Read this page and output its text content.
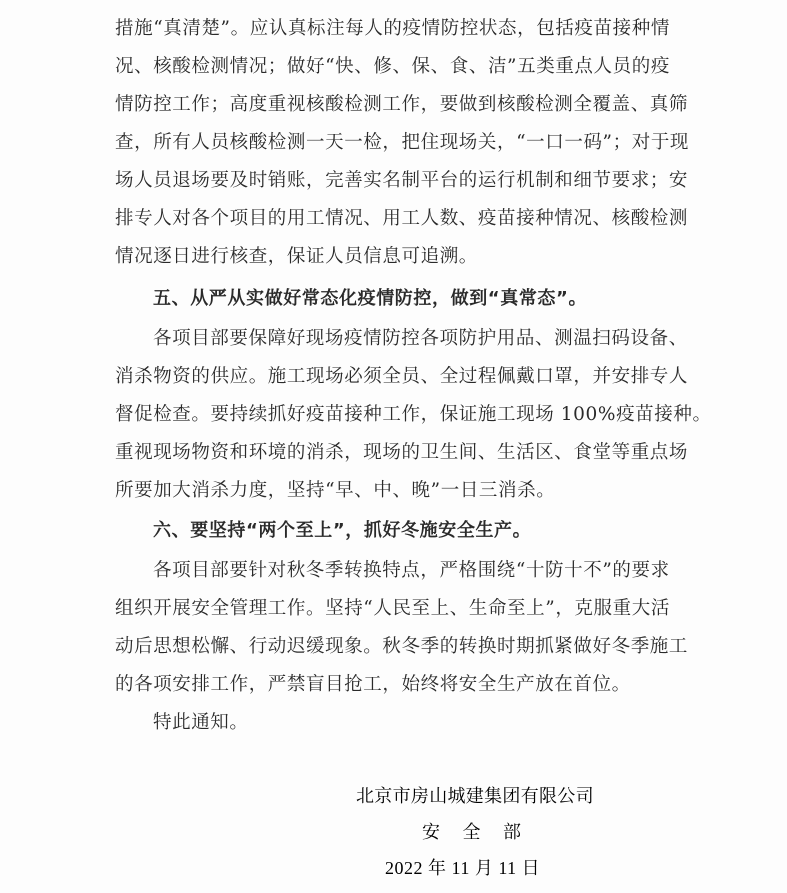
措施“真清楚”。应认真标注每人的疫情防控状态，包括疫苗接种情
况、核酸检测情况；做好“快、修、保、食、洁”五类重点人员的疫
情防控工作；高度重视核酸检测工作，要做到核酸检测全覆盖、真筛
查，所有人员核酸检测一天一检，把住现场关，“一口一码”；对于现
场人员退场要及时销账，完善实名制平台的运行机制和细节要求；安
排专人对各个项目的用工情况、用工人数、疫苗接种情况、核酸检测
情况逐日进行核查，保证人员信息可追溯。
五、从严从实做好常态化疫情防控，做到“真常态”。
各项目部要保障好现场疫情防控各项防护用品、测温扫码设备、
消杀物资的供应。施工现场必须全员、全过程佩戴口罩，并安排专人
督促检查。要持续抓好疫苗接种工作，保证施工现场 100%疫苗接种。
重视现场物资和环境的消杀，现场的卫生间、生活区、食堂等重点场
所要加大消杀力度，坚持“早、中、晚”一日三消杀。
六、要坚持“两个至上”，抓好冬施安全生产。
各项目部要针对秋冬季转换特点，严格围绕“十防十不”的要求
组织开展安全管理工作。坚持“人民至上、生命至上”，克服重大活
动后思想松懈、行动迟缓现象。秋冬季的转换时期抓紧做好冬季施工
的各项安排工作，严禁盲目抢工，始终将安全生产放在首位。
特此通知。
北京市房山城建集团有限公司
安 全 部
2022 年 11 月 11 日
